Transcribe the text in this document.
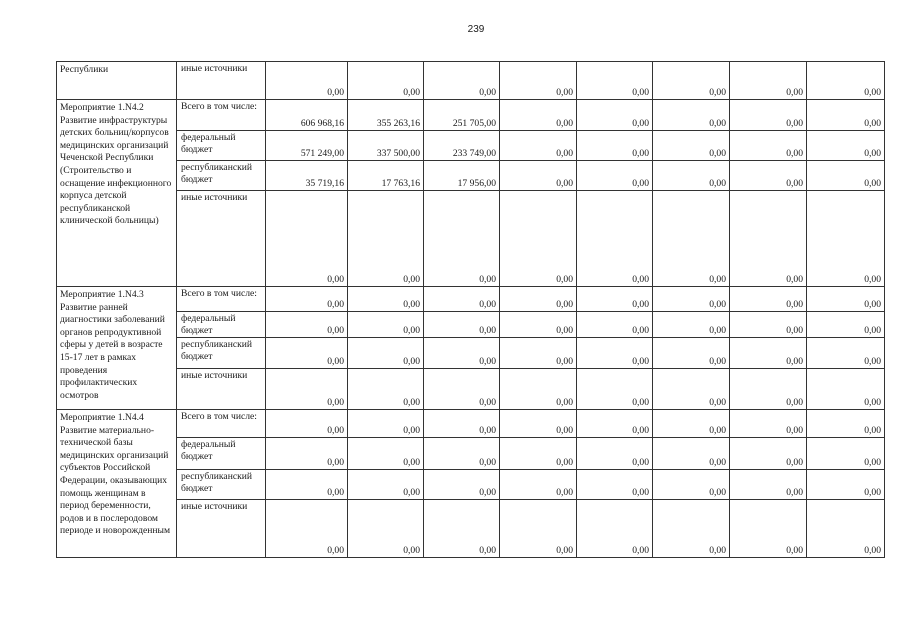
239
Республики	иные источники	0,00	0,00	0,00	0,00	0,00	0,00	0,00	0,00
Мероприятие 1.N4.2 Развитие инфраструктуры детских больниц/корпусов медицинских организаций Чеченской Республики (Строительство и оснащение инфекционного корпуса детской республиканской клинической больницы)	Всего в том числе:	606 968,16	355 263,16	251 705,00	0,00	0,00	0,00	0,00	0,00
	федеральный бюджет	571 249,00	337 500,00	233 749,00	0,00	0,00	0,00	0,00	0,00
	республиканский бюджет	35 719,16	17 763,16	17 956,00	0,00	0,00	0,00	0,00	0,00
	иные источники	0,00	0,00	0,00	0,00	0,00	0,00	0,00	0,00
Мероприятие 1.N4.3 Развитие ранней диагностики заболеваний органов репродуктивной сферы у детей в возрасте 15-17 лет в рамках проведения профилактических осмотров	Всего в том числе:	0,00	0,00	0,00	0,00	0,00	0,00	0,00	0,00
	федеральный бюджет	0,00	0,00	0,00	0,00	0,00	0,00	0,00	0,00
	республиканский бюджет	0,00	0,00	0,00	0,00	0,00	0,00	0,00	0,00
	иные источники	0,00	0,00	0,00	0,00	0,00	0,00	0,00	0,00
Мероприятие 1.N4.4 Развитие материально-технической базы медицинских организаций субъектов Российской Федерации, оказывающих помощь женщинам в период беременности, родов и в послеродовом периоде и новорожденным	Всего в том числе:	0,00	0,00	0,00	0,00	0,00	0,00	0,00	0,00
	федеральный бюджет	0,00	0,00	0,00	0,00	0,00	0,00	0,00	0,00
	республиканский бюджет	0,00	0,00	0,00	0,00	0,00	0,00	0,00	0,00
	иные источники	0,00	0,00	0,00	0,00	0,00	0,00	0,00	0,00
